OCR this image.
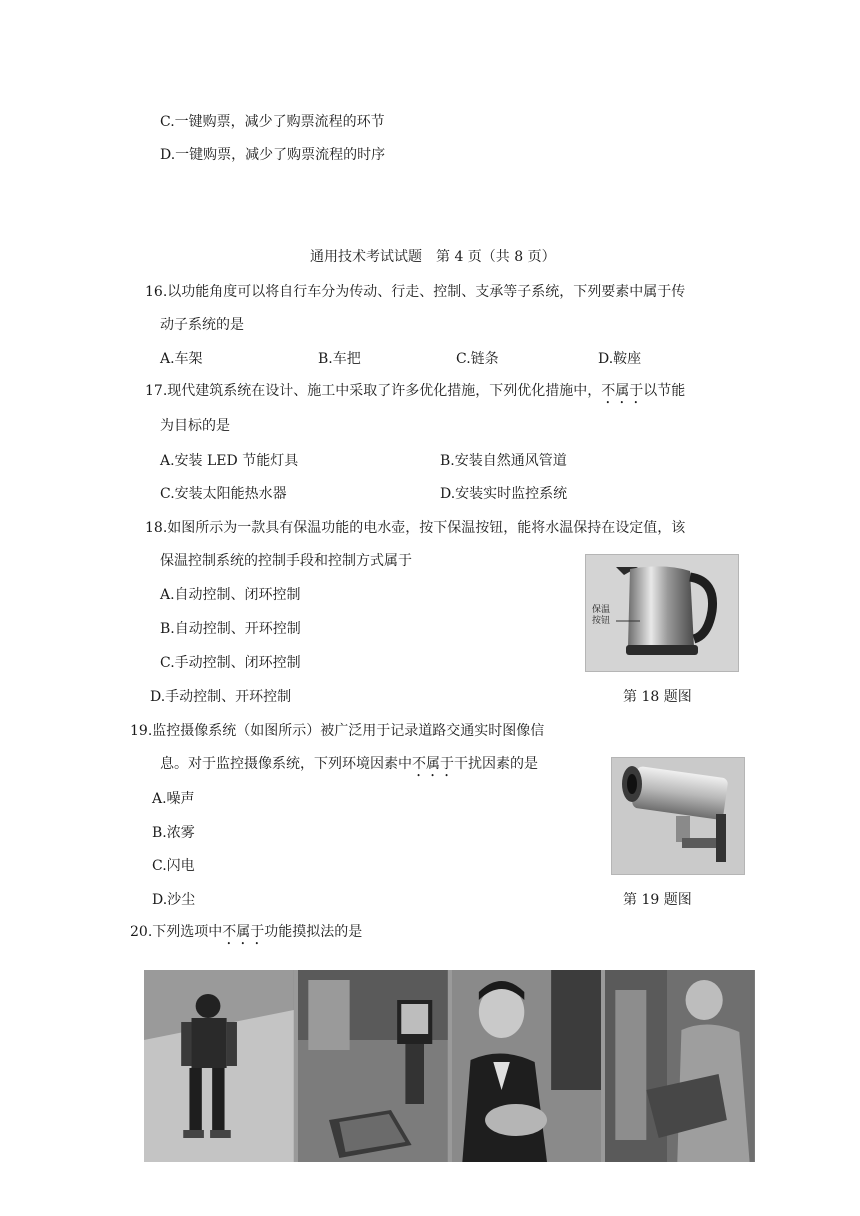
C.一键购票，减少了购票流程的环节
D.一键购票，减少了购票流程的时序
通用技术考试试题　第 4 页（共 8 页）
16.以功能角度可以将自行车分为传动、行走、控制、支承等子系统，下列要素中属于传
动子系统的是
A.车架	B.车把	C.链条	D.鞍座
17.现代建筑系统在设计、施工中采取了许多优化措施，下列优化措施中，不属于以节能
为目标的是
A.安装 LED 节能灯具	B.安装自然通风管道
C.安装太阳能热水器	D.安装实时监控系统
18.如图所示为一款具有保温功能的电水壶，按下保温按钮，能将水温保持在设定值，该
保温控制系统的控制手段和控制方式属于
A.自动控制、闭环控制
B.自动控制、开环控制
C.手动控制、闭环控制
D.手动控制、开环控制
保温
按钮
第 18 题图
19.监控摄像系统（如图所示）被广泛用于记录道路交通实时图像信
息。对于监控摄像系统，下列环境因素中不属于干扰因素的是
A.噪声
B.浓雾
C.闪电
D.沙尘	第 19 题图
20.下列选项中不属于功能摸拟法的是
